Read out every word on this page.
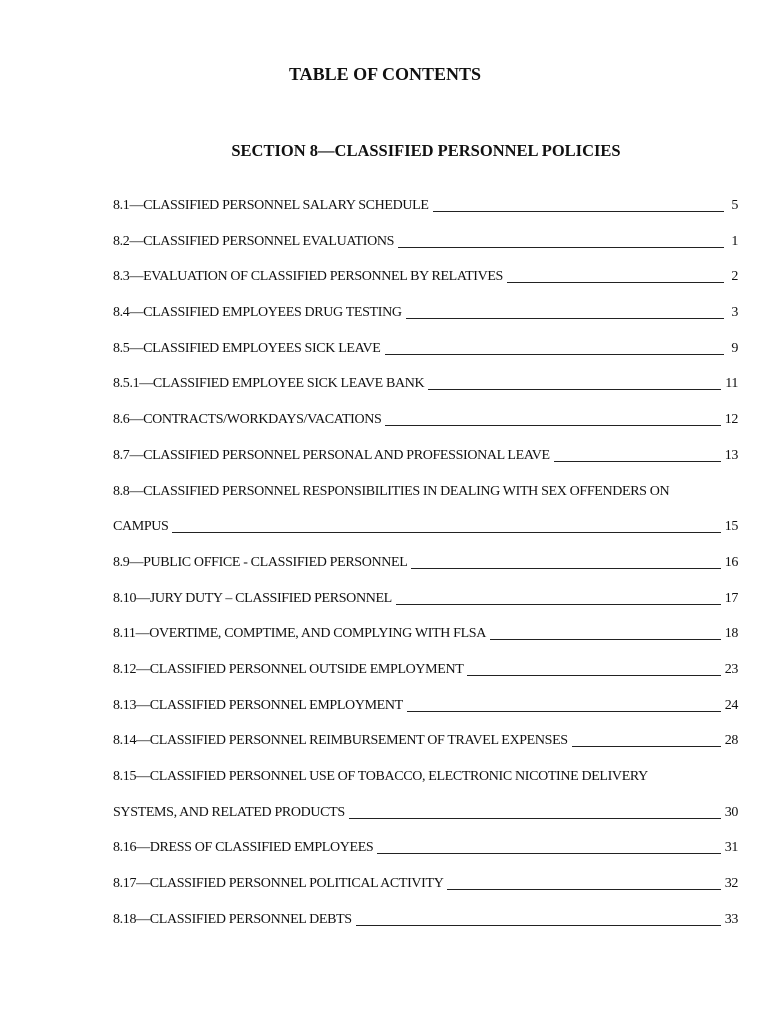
TABLE OF CONTENTS
SECTION 8—CLASSIFIED PERSONNEL POLICIES
8.1—CLASSIFIED PERSONNEL SALARY SCHEDULE	5
8.2—CLASSIFIED PERSONNEL EVALUATIONS	1
8.3—EVALUATION OF CLASSIFIED PERSONNEL BY RELATIVES	2
8.4—CLASSIFIED EMPLOYEES DRUG TESTING	3
8.5—CLASSIFIED EMPLOYEES SICK LEAVE	9
8.5.1—CLASSIFIED EMPLOYEE SICK LEAVE BANK	11
8.6—CONTRACTS/WORKDAYS/VACATIONS	12
8.7—CLASSIFIED PERSONNEL PERSONAL AND PROFESSIONAL LEAVE	13
8.8—CLASSIFIED PERSONNEL RESPONSIBILITIES IN DEALING WITH SEX OFFENDERS ON
CAMPUS	15
8.9—PUBLIC OFFICE - CLASSIFIED PERSONNEL	16
8.10—JURY DUTY – CLASSIFIED PERSONNEL	17
8.11—OVERTIME, COMPTIME, AND COMPLYING WITH FLSA	18
8.12—CLASSIFIED PERSONNEL OUTSIDE EMPLOYMENT	23
8.13—CLASSIFIED PERSONNEL EMPLOYMENT	24
8.14—CLASSIFIED PERSONNEL REIMBURSEMENT OF TRAVEL EXPENSES	28
8.15—CLASSIFIED PERSONNEL USE OF TOBACCO, ELECTRONIC NICOTINE DELIVERY
SYSTEMS, AND RELATED PRODUCTS	30
8.16—DRESS OF CLASSIFIED EMPLOYEES	31
8.17—CLASSIFIED PERSONNEL POLITICAL ACTIVITY	32
8.18—CLASSIFIED PERSONNEL DEBTS	33
